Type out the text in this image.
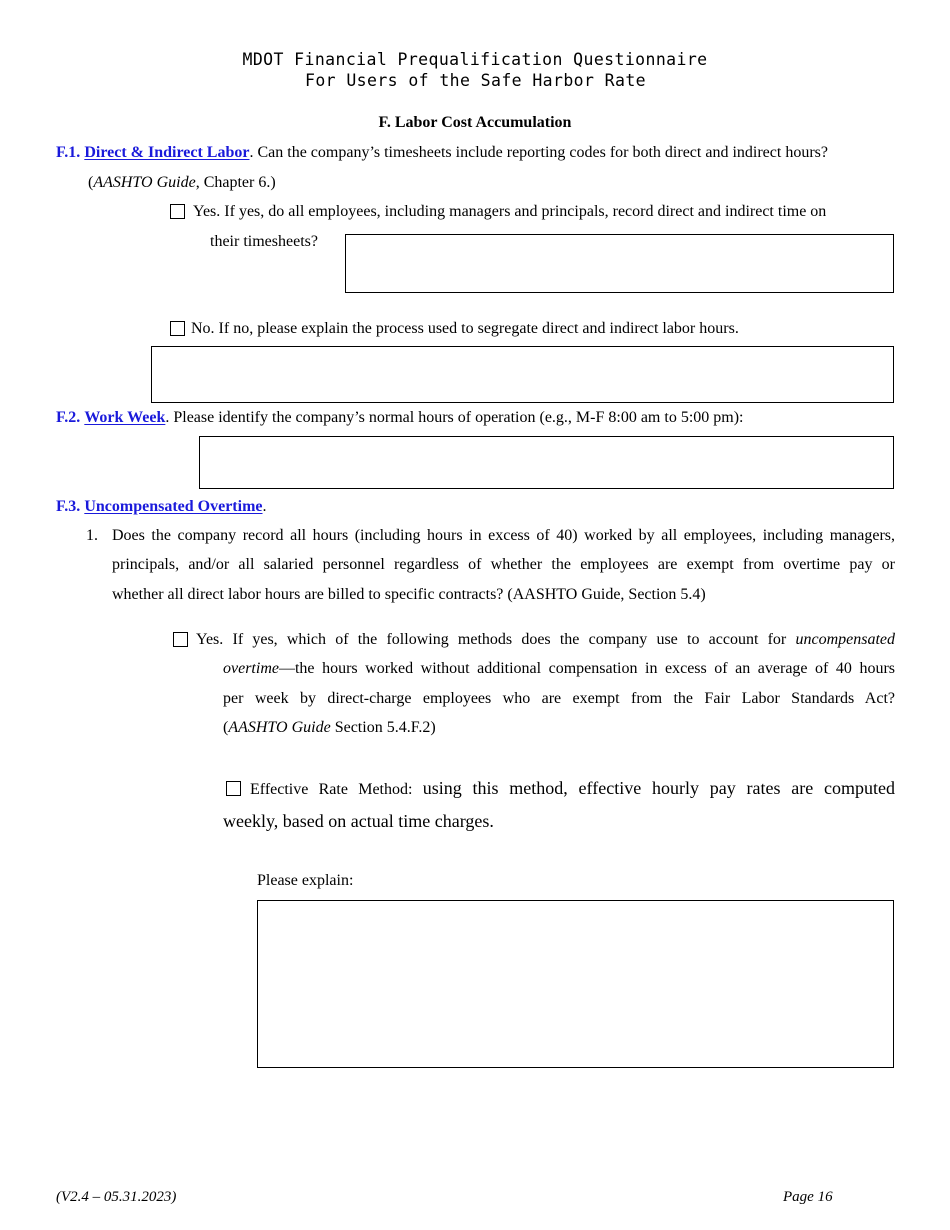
MDOT Financial Prequalification Questionnaire
For Users of the Safe Harbor Rate
F. Labor Cost Accumulation
F.1. Direct & Indirect Labor. Can the company’s timesheets include reporting codes for both direct and indirect hours?
(AASHTO Guide, Chapter 6.)
Yes. If yes, do all employees, including managers and principals, record direct and indirect time on
their timesheets?
No. If no, please explain the process used to segregate direct and indirect labor hours.
F.2. Work Week. Please identify the company’s normal hours of operation (e.g., M-F 8:00 am to 5:00 pm):
F.3. Uncompensated Overtime.
1. Does the company record all hours (including hours in excess of 40) worked by all employees, including managers,
principals, and/or all salaried personnel regardless of whether the employees are exempt from overtime pay or
whether all direct labor hours are billed to specific contracts? (AASHTO Guide, Section 5.4)
Yes. If yes, which of the following methods does the company use to account for uncompensated
overtime—the hours worked without additional compensation in excess of an average of 40 hours
per week by direct-charge employees who are exempt from the Fair Labor Standards Act?
(AASHTO Guide Section 5.4.F.2)
Effective Rate Method: using this method, effective hourly pay rates are computed
weekly, based on actual time charges.
Please explain:
(V2.4 – 05.31.2023)	Page 16
